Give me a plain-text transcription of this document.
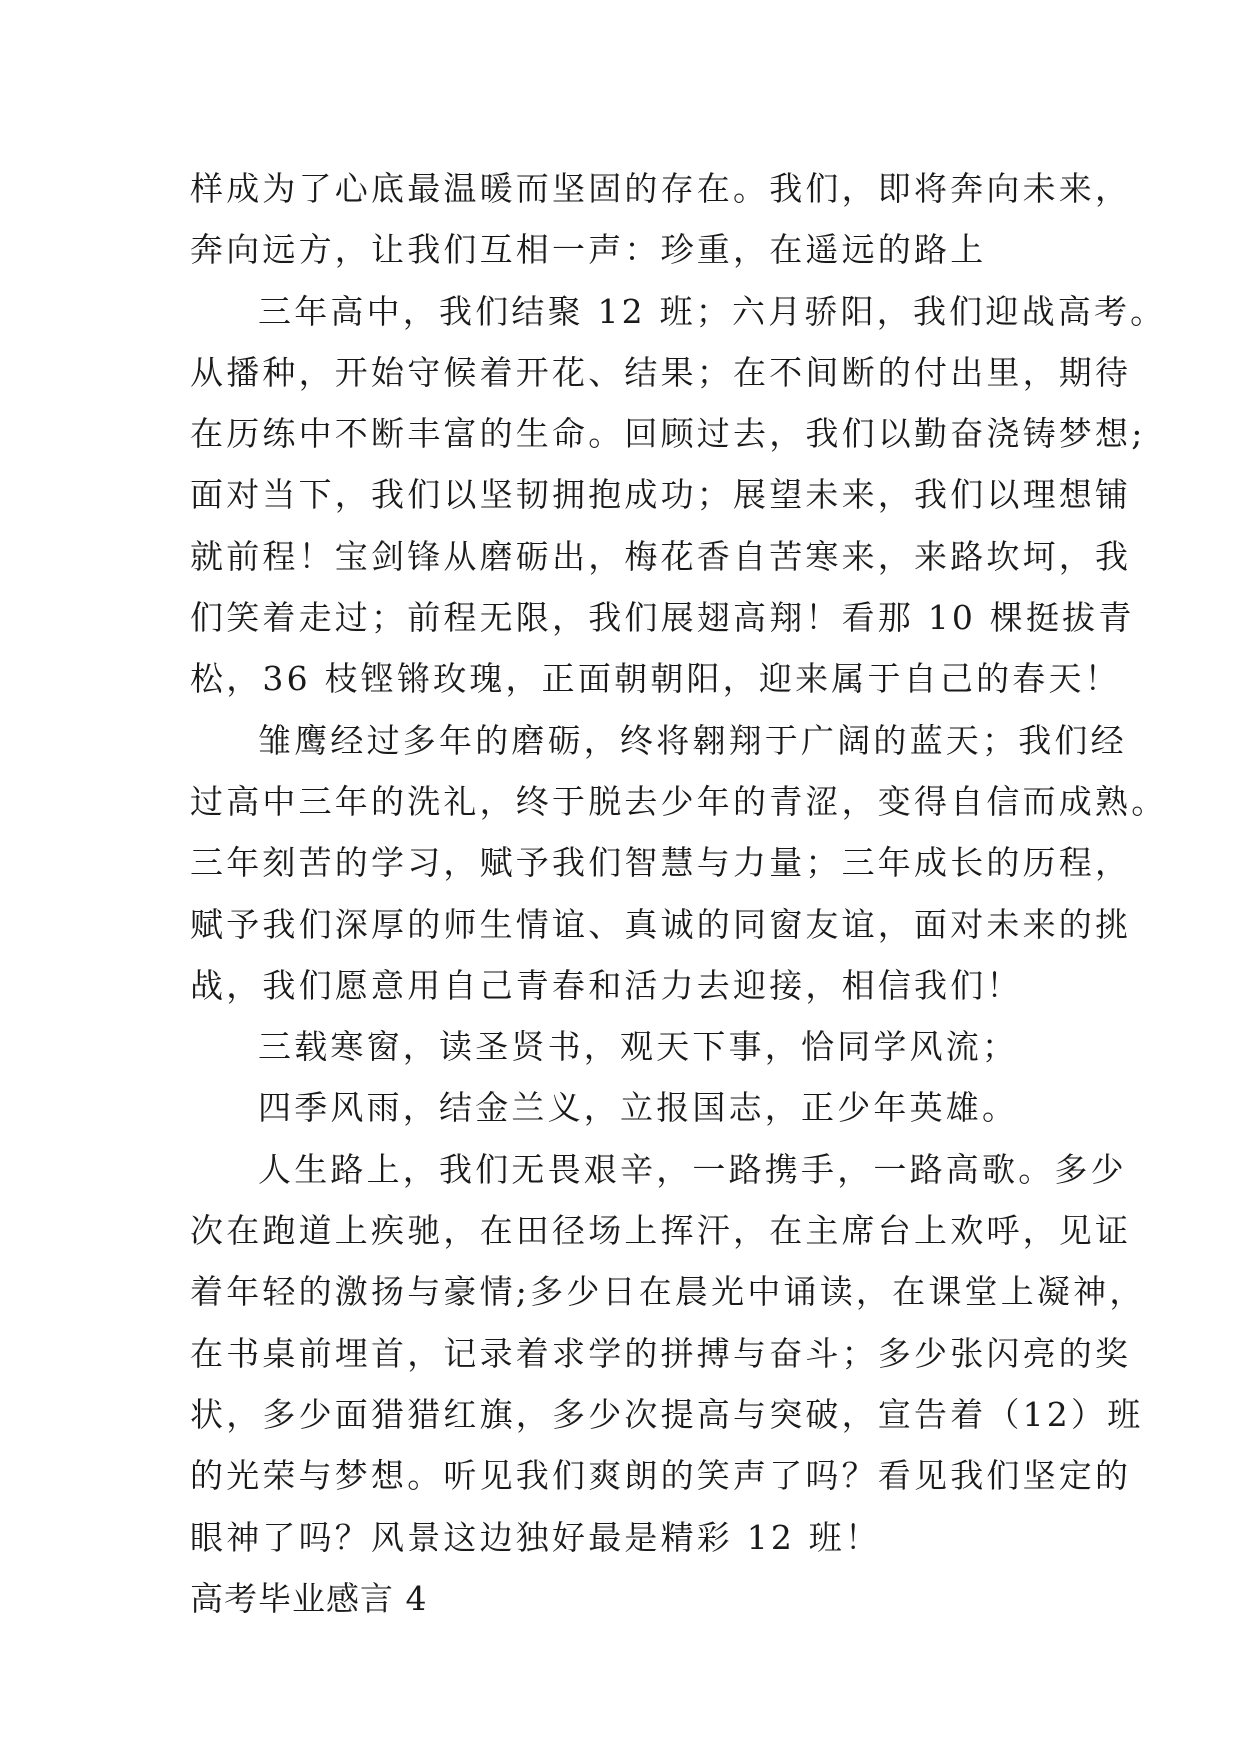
样成为了心底最温暖而坚固的存在。我们，即将奔向未来，
奔向远方，让我们互相一声：珍重，在遥远的路上
三年高中，我们结聚 12 班；六月骄阳，我们迎战高考。
从播种，开始守候着开花、结果；在不间断的付出里，期待
在历练中不断丰富的生命。回顾过去，我们以勤奋浇铸梦想;
面对当下，我们以坚韧拥抱成功；展望未来，我们以理想铺
就前程！宝剑锋从磨砺出，梅花香自苦寒来，来路坎坷，我
们笑着走过；前程无限，我们展翅高翔！看那 10 棵挺拔青
松，36 枝铿锵玫瑰，正面朝朝阳，迎来属于自己的春天！
雏鹰经过多年的磨砺，终将翱翔于广阔的蓝天；我们经
过高中三年的洗礼，终于脱去少年的青涩，变得自信而成熟。
三年刻苦的学习，赋予我们智慧与力量；三年成长的历程，
赋予我们深厚的师生情谊、真诚的同窗友谊，面对未来的挑
战，我们愿意用自己青春和活力去迎接，相信我们！
三载寒窗，读圣贤书，观天下事，恰同学风流；
四季风雨，结金兰义，立报国志，正少年英雄。
人生路上，我们无畏艰辛，一路携手，一路高歌。多少
次在跑道上疾驰，在田径场上挥汗，在主席台上欢呼，见证
着年轻的激扬与豪情;多少日在晨光中诵读，在课堂上凝神，
在书桌前埋首，记录着求学的拼搏与奋斗；多少张闪亮的奖
状，多少面猎猎红旗，多少次提高与突破，宣告着（12）班
的光荣与梦想。听见我们爽朗的笑声了吗？看见我们坚定的
眼神了吗？风景这边独好最是精彩 12 班！
高考毕业感言 4
